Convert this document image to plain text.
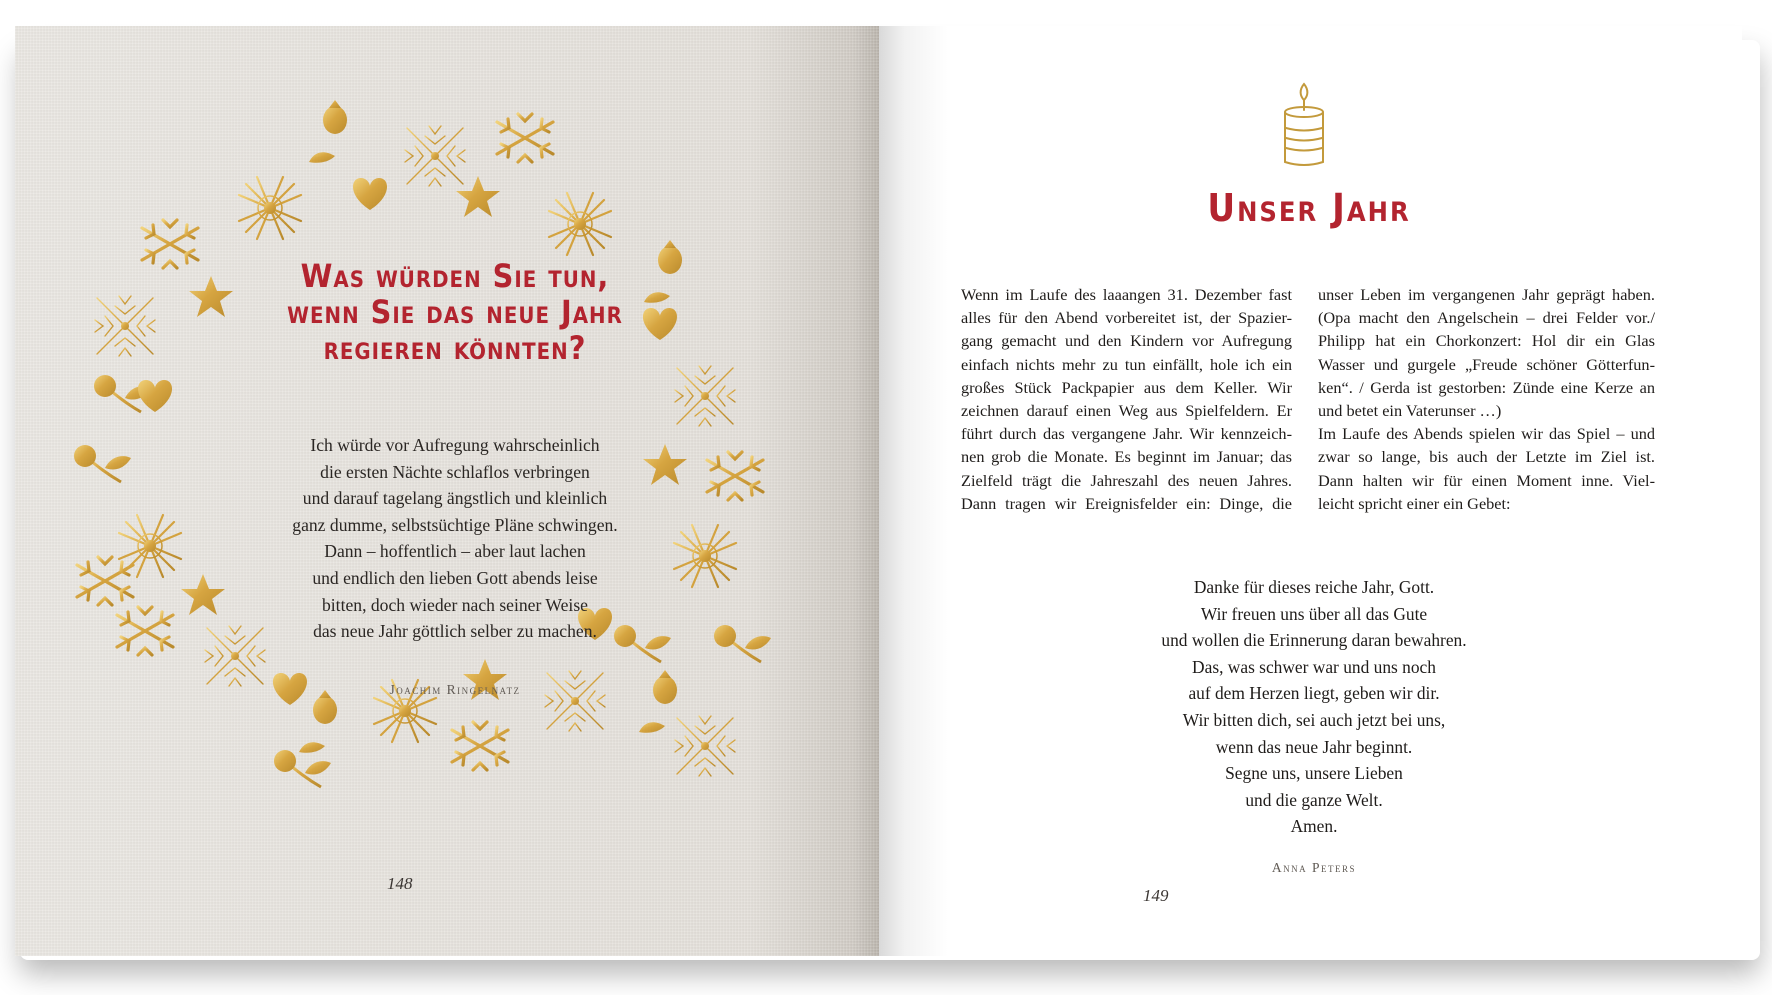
Was würden Sie tun,
wenn Sie das neue Jahr
regieren könnten?
Ich würde vor Aufregung wahrscheinlich
die ersten Nächte schlaflos verbringen
und darauf tagelang ängstlich und kleinlich
ganz dumme, selbstsüchtige Pläne schwingen.
Dann – hoffentlich – aber laut lachen
und endlich den lieben Gott abends leise
bitten, doch wieder nach seiner Weise
das neue Jahr göttlich selber zu machen.
Joachim Ringelnatz
148
Unser Jahr
Wenn im Laufe des laaangen 31. Dezember fast
alles für den Abend vorbereitet ist, der Spazier-
gang gemacht und den Kindern vor Aufregung
einfach nichts mehr zu tun einfällt, hole ich ein
großes Stück Packpapier aus dem Keller. Wir
zeichnen darauf einen Weg aus Spielfeldern. Er
führt durch das vergangene Jahr. Wir kennzeich-
nen grob die Monate. Es beginnt im Januar; das
Zielfeld trägt die Jahreszahl des neuen Jahres.
Dann tragen wir Ereignisfelder ein: Dinge, die
unser Leben im vergangenen Jahr geprägt haben.
(Opa macht den Angelschein – drei Felder vor./
Philipp hat ein Chorkonzert: Hol dir ein Glas
Wasser und gurgele „Freude schöner Götterfun-
ken“. / Gerda ist gestorben: Zünde eine Kerze an
und betet ein Vaterunser …)
Im Laufe des Abends spielen wir das Spiel – und
zwar so lange, bis auch der Letzte im Ziel ist.
Dann halten wir für einen Moment inne. Viel-
leicht spricht einer ein Gebet:
Danke für dieses reiche Jahr, Gott.
Wir freuen uns über all das Gute
und wollen die Erinnerung daran bewahren.
Das, was schwer war und uns noch
auf dem Herzen liegt, geben wir dir.
Wir bitten dich, sei auch jetzt bei uns,
wenn das neue Jahr beginnt.
Segne uns, unsere Lieben
und die ganze Welt.
Amen.
Anna Peters
149
